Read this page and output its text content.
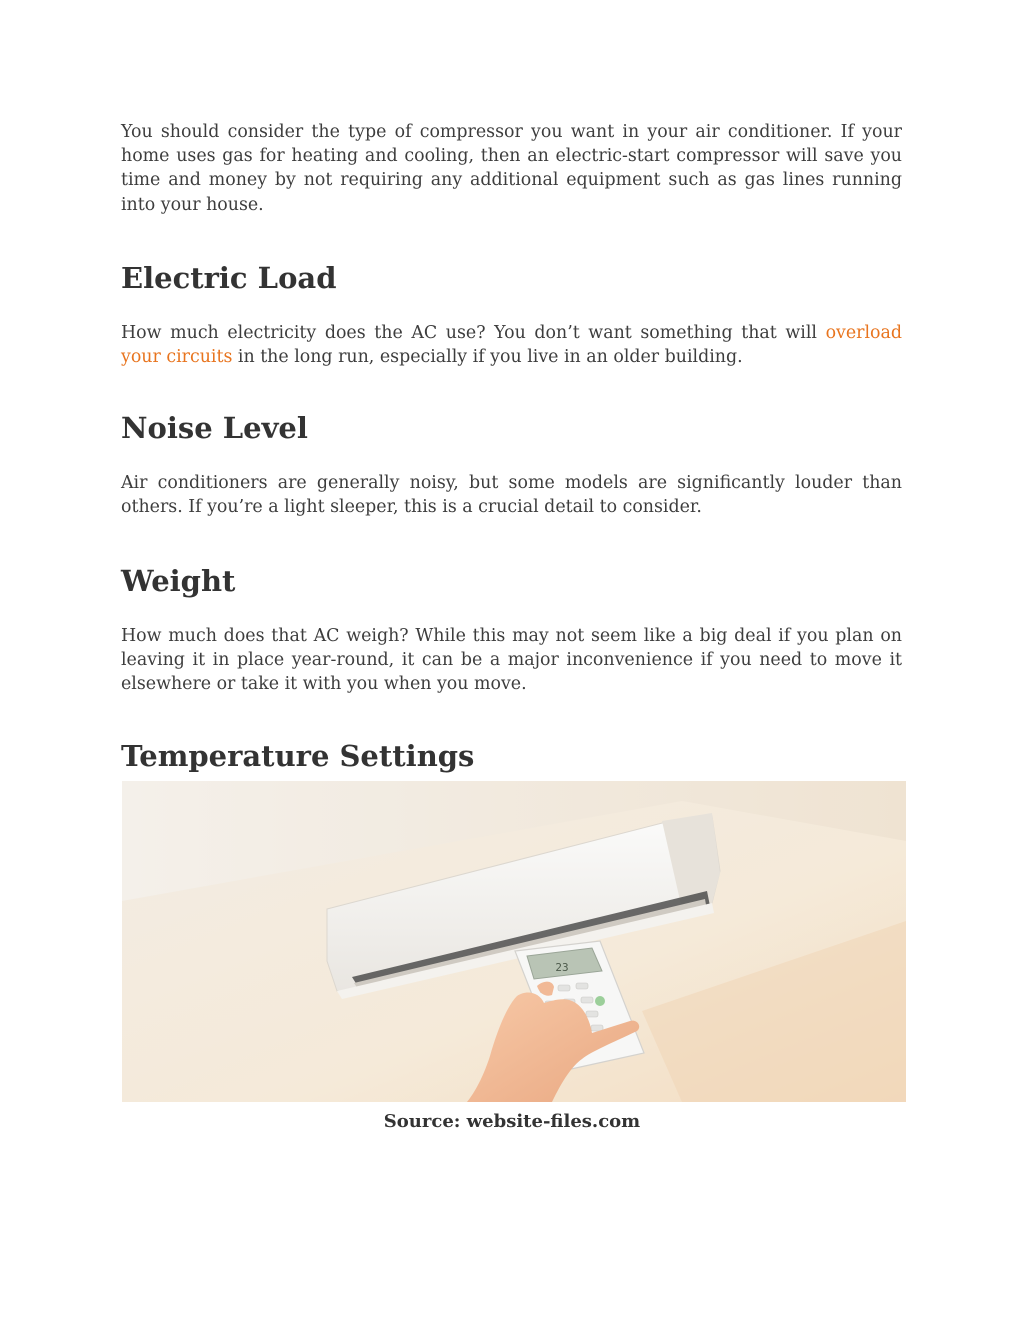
You should consider the type of compressor you want in your air conditioner. If your home uses gas for heating and cooling, then an electric-start compressor will save you time and money by not requiring any additional equipment such as gas lines running into your house.

Electric Load

How much electricity does the AC use? You don’t want something that will overload your circuits in the long run, especially if you live in an older building.

Noise Level

Air conditioners are generally noisy, but some models are significantly louder than others. If you’re a light sleeper, this is a crucial detail to consider.

Weight

How much does that AC weigh? While this may not seem like a big deal if you plan on leaving it in place year-round, it can be a major inconvenience if you need to move it elsewhere or take it with you when you move.

Temperature Settings
23
Source: website-files.com
